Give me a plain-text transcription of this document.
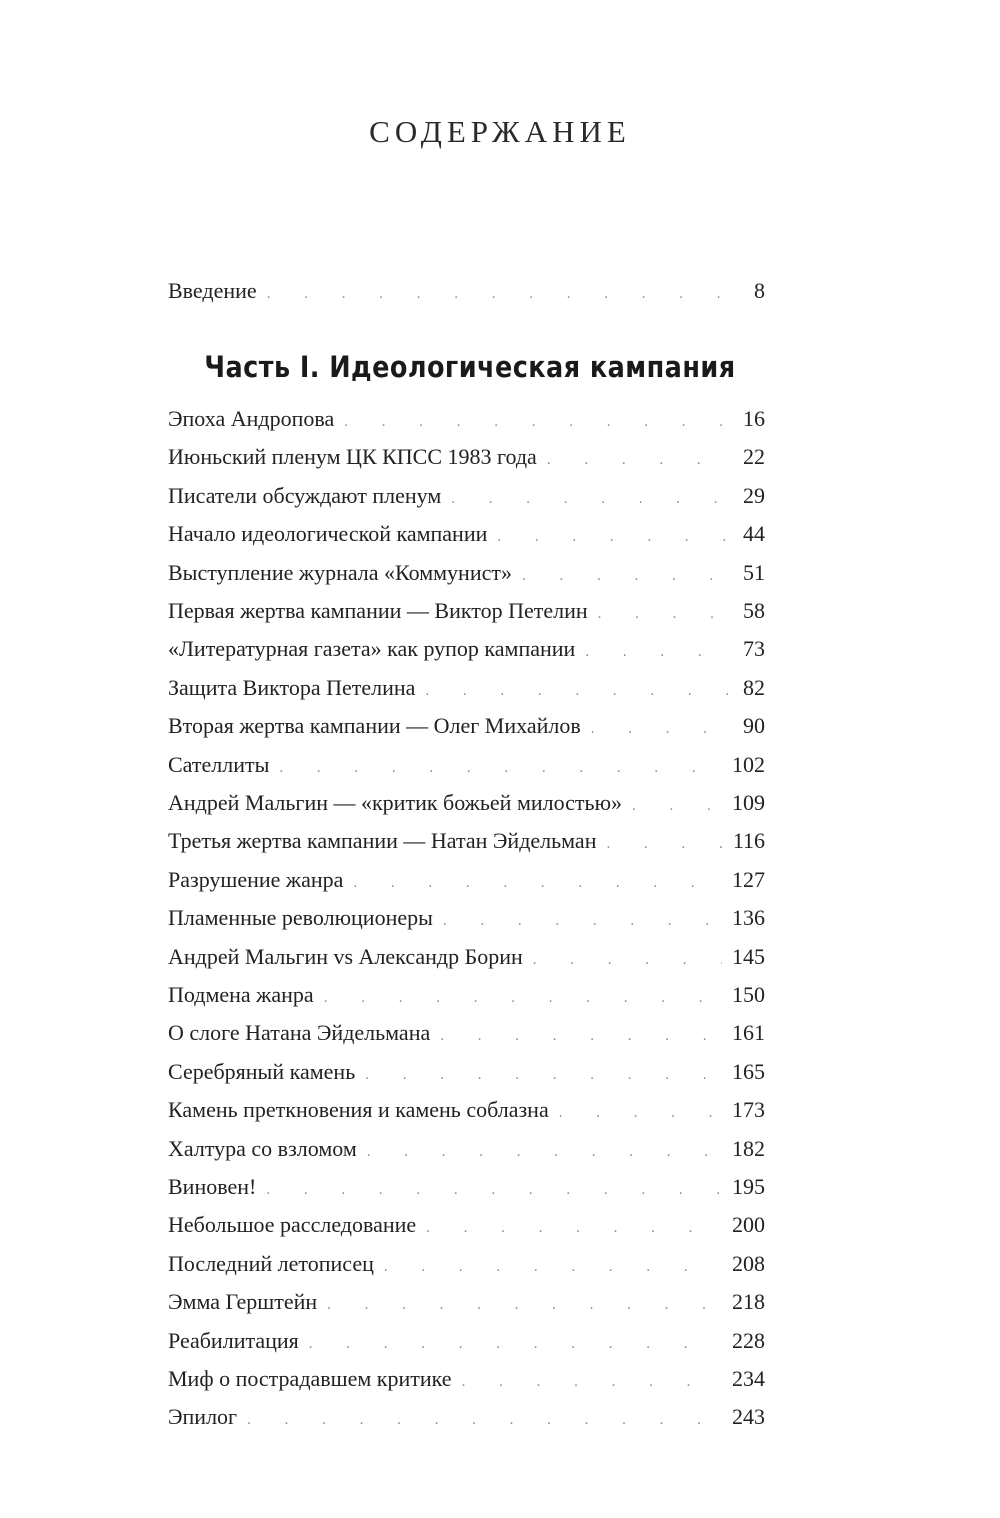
СОДЕРЖАНИЕ
Введение .	8
Часть I. Идеологическая кампания
Эпоха Андропова .	16
Июньский пленум ЦК КПСС 1983 года .	22
Писатели обсуждают пленум .	29
Начало идеологической кампании .	44
Выступление журнала «Коммунист» .	51
Первая жертва кампании — Виктор Петелин .	58
«Литературная газета» как рупор кампании .	73
Защита Виктора Петелина .	82
Вторая жертва кампании — Олег Михайлов .	90
Сателлиты .	102
Андрей Мальгин — «критик божьей милостью» .	109
Третья жертва кампании — Натан Эйдельман .	116
Разрушение жанра .	127
Пламенные революционеры .	136
Андрей Мальгин vs Александр Борин .	145
Подмена жанра .	150
О слоге Натана Эйдельмана .	161
Серебряный камень .	165
Камень преткновения и камень соблазна .	173
Халтура со взломом .	182
Виновен! .	195
Небольшое расследование .	200
Последний летописец .	208
Эмма Герштейн .	218
Реабилитация .	228
Миф о пострадавшем критике .	234
Эпилог .	243
